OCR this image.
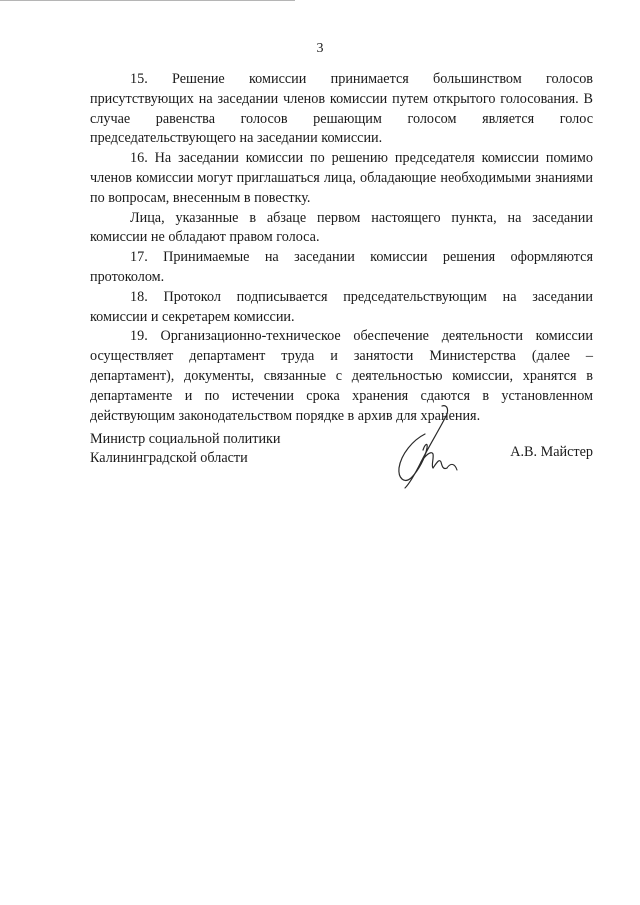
3

15. Решение комиссии принимается большинством голосов присутствующих на заседании членов комиссии путем открытого голосования. В случае равенства голосов решающим голосом является голос председательствующего на заседании комиссии.

16. На заседании комиссии по решению председателя комиссии помимо членов комиссии могут приглашаться лица, обладающие необходимыми знаниями по вопросам, внесенным в повестку.

Лица, указанные в абзаце первом настоящего пункта, на заседании комиссии не обладают правом голоса.

17. Принимаемые на заседании комиссии решения оформляются протоколом.

18. Протокол подписывается председательствующим на заседании комиссии и секретарем комиссии.

19. Организационно-техническое обеспечение деятельности комиссии осуществляет департамент труда и занятости Министерства (далее – департамент), документы, связанные с деятельностью комиссии, хранятся в департаменте и по истечении срока хранения сдаются в установленном действующим законодательством порядке в архив для хранения.

Министр социальной политики
Калининградской области	А.В. Майстер
